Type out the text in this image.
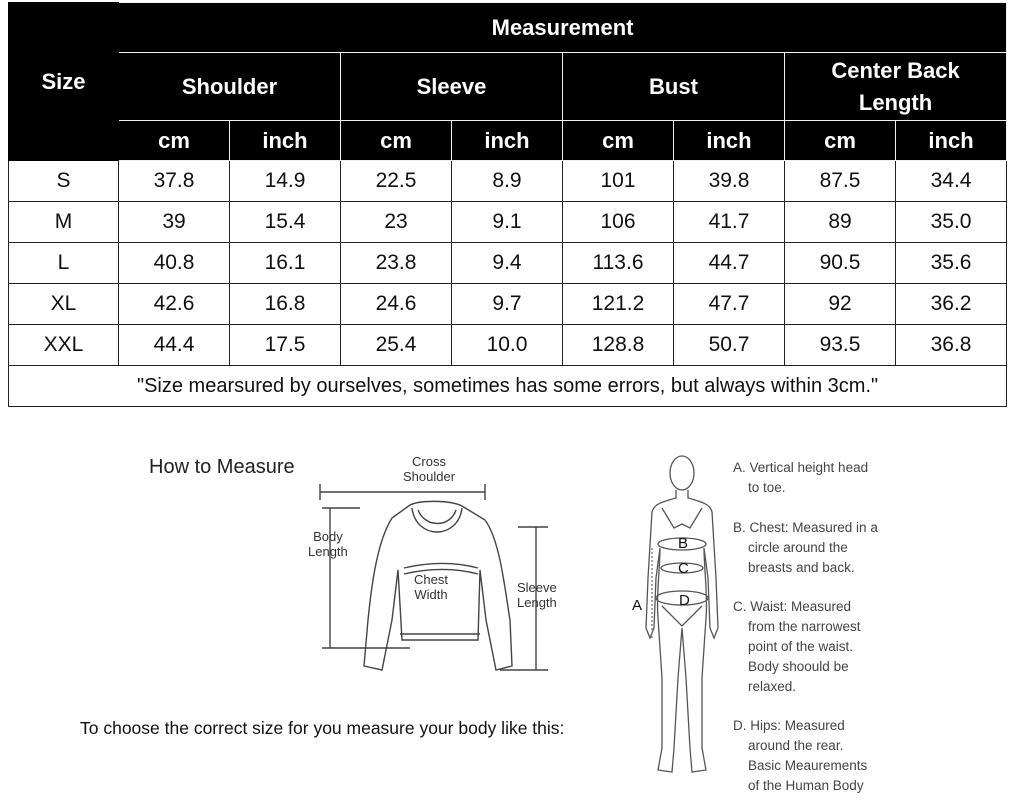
Size	Measurement							
	Shoulder		Sleeve		Bust		Center Back
Length	
	cm	inch	cm	inch	cm	inch	cm	inch
S	37.8	14.9	22.5	8.9	101	39.8	87.5	34.4
M	39	15.4	23	9.1	106	41.7	89	35.0
L	40.8	16.1	23.8	9.4	113.6	44.7	90.5	35.6
XL	42.6	16.8	24.6	9.7	121.2	47.7	92	36.2
XXL	44.4	17.5	25.4	10.0	128.8	50.7	93.5	36.8
"Size mearsured by ourselves, sometimes has some errors, but always within 3cm."								
How to Measure	Cross
Shoulder
Body
Length
Chest
Width	Sleeve
Length	A
B
C
D
A. Vertical height head
to toe.
B. Chest: Measured in a
circle around the
breasts and back.
C. Waist: Measured
from the narrowest
point of the waist.
Body shoould be
relaxed.
D. Hips: Measured
around the rear.
Basic Meaurements
of the Human Body
To choose the correct size for you measure your body like this:
